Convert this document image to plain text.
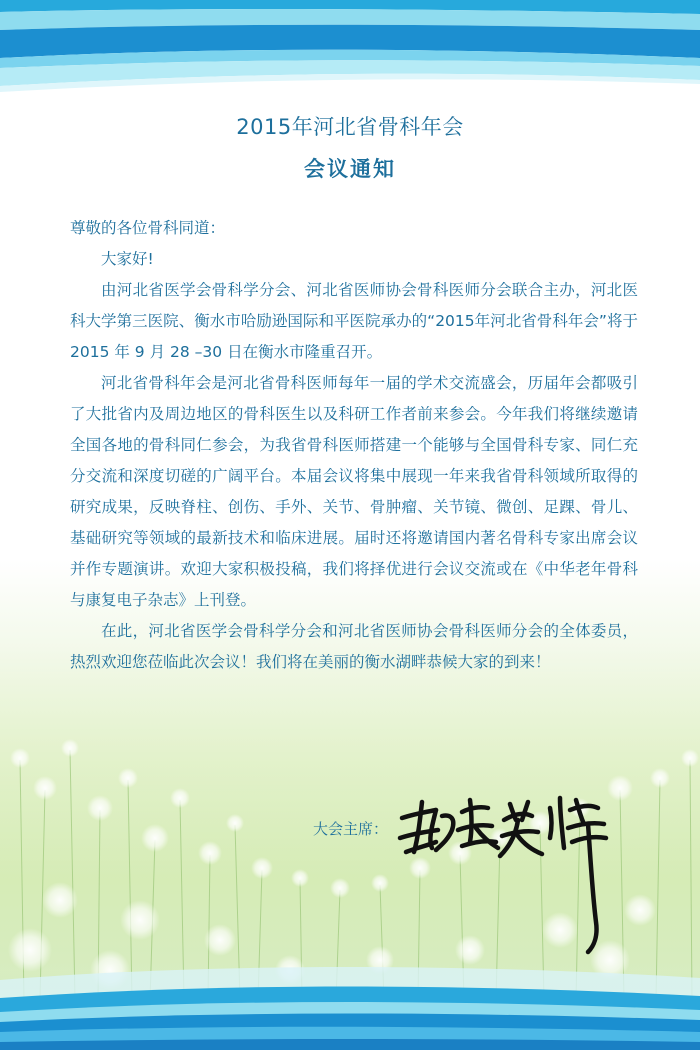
2015年河北省骨科年会
会议通知

尊敬的各位骨科同道：

大家好!

由河北省医学会骨科学分会、河北省医师协会骨科医师分会联合主办，河北医科大学第三医院、衡水市哈励逊国际和平医院承办的“2015年河北省骨科年会”将于 2015 年 9 月 28 –30 日在衡水市隆重召开。

河北省骨科年会是河北省骨科医师每年一届的学术交流盛会，历届年会都吸引了大批省内及周边地区的骨科医生以及科研工作者前来参会。今年我们将继续邀请全国各地的骨科同仁参会，为我省骨科医师搭建一个能够与全国骨科专家、同仁充分交流和深度切磋的广阔平台。本届会议将集中展现一年来我省骨科领域所取得的研究成果，反映脊柱、创伤、手外、关节、骨肿瘤、关节镜、微创、足踝、骨儿、基础研究等领域的最新技术和临床进展。届时还将邀请国内著名骨科专家出席会议并作专题演讲。欢迎大家积极投稿，我们将择优进行会议交流或在《中华老年骨科与康复电子杂志》上刊登。

在此，河北省医学会骨科学分会和河北省医师协会骨科医师分会的全体委员，热烈欢迎您莅临此次会议！我们将在美丽的衡水湖畔恭候大家的到来！

大会主席：
